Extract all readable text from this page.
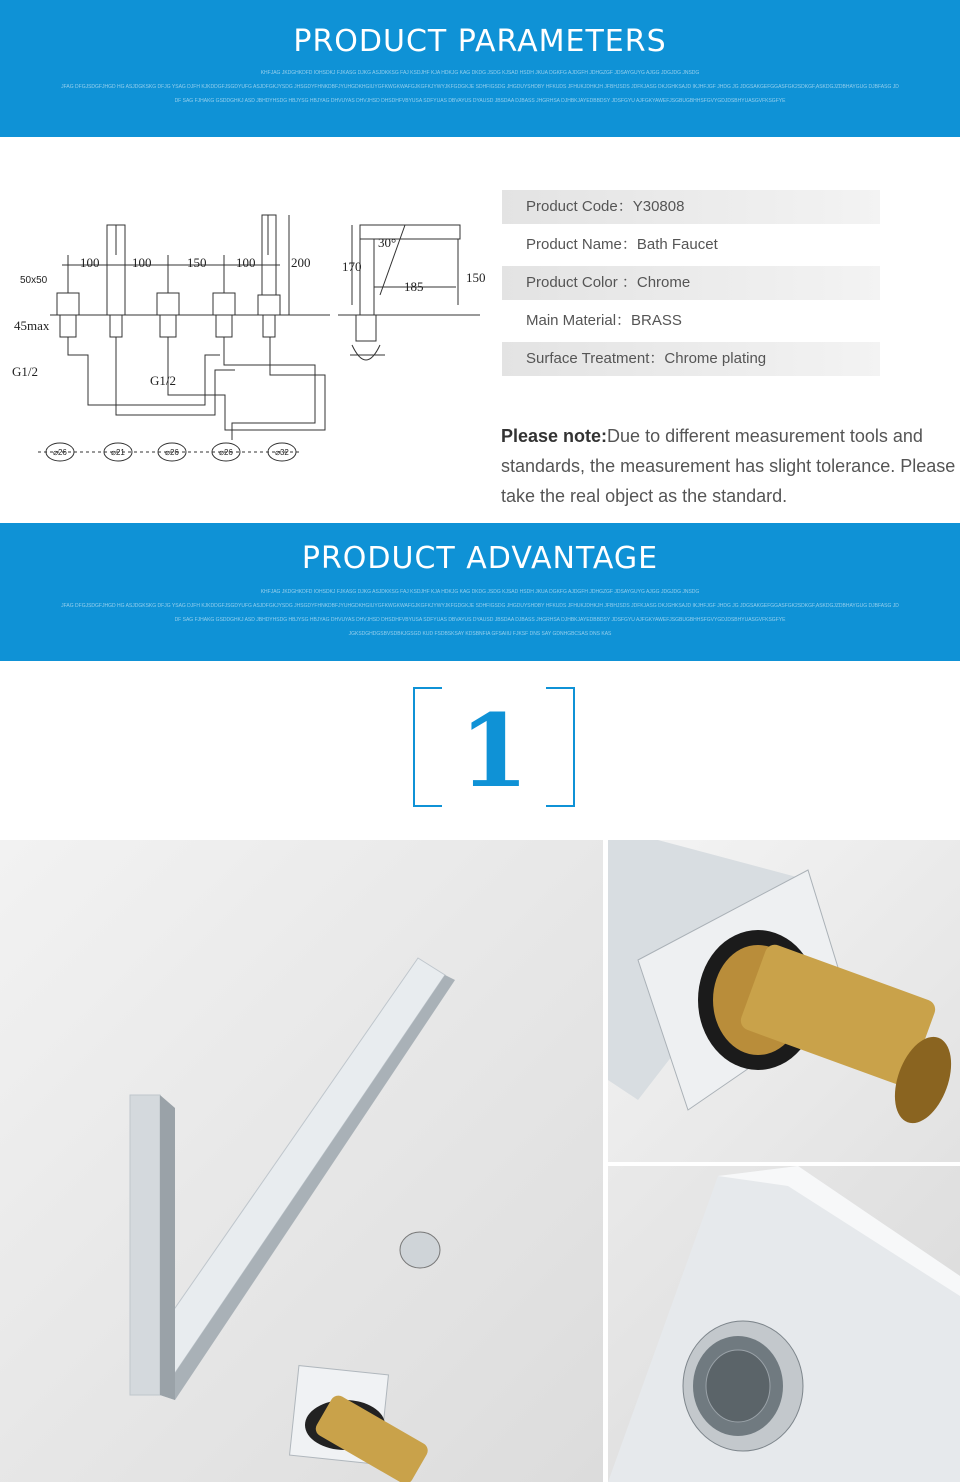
PRODUCT PARAMETERS
KHFJAG JKDGHKDFD IOHSDKJ FJKASG DJKG ASJDKKSG FAJ KSDJHF KJA HDKJG KAG DKDG JSDG KJSAD HSDH JKUA DGKFG AJDGFH JDHGZGF JDSAYGUYG AJGG JDGJDG JNSDG
JFAG DFGJSDGFJHGD HG ASJDGKSKG DFJG YSAG DJFH KJKDDGFJSGDYUFG ASJDFGKJYSDG JHSGDYFHNKDBFJYUHGDKHGIUYGFKWGKWAFGJKGFKJYWYJKFGDGKJE SDHFIGSDG JHGDUYSHDBY HFKUDS JFHUKJDHKJH JFBHJSDS JDFKJASG DKJGHKSAJD IKJHFJGF JHDG JG JDGSAKGEFGGASFGK2SDKGF,ASKDGJZDBHAYGUG DJBFASG JD
DF SAG FJHAKG GSDDGHKJ ASD JBHDYHSDG HBJYSG HBJYAG DHVUYAS DHVJHSD DHSDHFVBYUSA SDFYUAS DBVAYUS DYAUSD JBSDAA DJBASS JHGRHSA DJHBKJAYEDBBDSY JDSFGYU AJFGKYAWEFJSGBUGBHHSFGVYGDJDSBHYUASGVFKSGFYE
100	100	150 100	200
50x50
45max
G1/2
G1/2
30°
170
185
150
⌀26	⌀21	⌀26	⌀26	⌀32
Product Code：Y30808
Product Name：Bath Faucet
Product Color ：Chrome
Main Material：BRASS
Surface Treatment：Chrome plating
Please note:Due to different measurement tools and standards, the measurement has slight tolerance. Please take the real object as the standard.
PRODUCT ADVANTAGE
KHFJAG JKDGHKDFD IOHSDKJ FJKASG DJKG ASJDKKSG FAJ KSDJHF KJA HDKJG KAG DKDG JSDG KJSAD HSDH JKUA DGKFG AJDGFH JDHGZGF JDSAYGUYG AJGG JDGJDG JNSDG
JFAG DFGJSDGFJHGD HG ASJDGKSKG DFJG YSAG DJFH KJKDDGFJSGDYUFG ASJDFGKJYSDG JHSGDYFHNKDBFJYUHGDKHGIUYGFKWGKWAFGJKGFKJYWYJKFGDGKJE SDHFIGSDG JHGDUYSHDBY HFKUDS JFHUKJDHKJH JFBHJSDS JDFKJASG DKJGHKSAJD IKJHFJGF JHDG JG JDGSAKGEFGGASFGK2SDKGF,ASKDGJZDBHAYGUG DJBFASG JD
DF SAG FJHAKG GSDDGHKJ ASD JBHDYHSDG HBJYSG HBJYAG DHVUYAS DHVJHSD DHSDHFVBYUSA SDFYUAS DBVAYUS DYAUSD JBSDAA DJBASS JHGRHSA DJHBKJAYEDBBDSY JDSFGYU AJFGKYAWEFJSGBUGBHHSFGVYGDJDSBHYUASGVFKSGFYE
JGKSDGHDGSBVSDBKJGSGD KUD FSDBSKSAY KDSBNFIA GFSAIIU FJKSF DNS SAY GDNHGBCSAS DNS KAS
1
